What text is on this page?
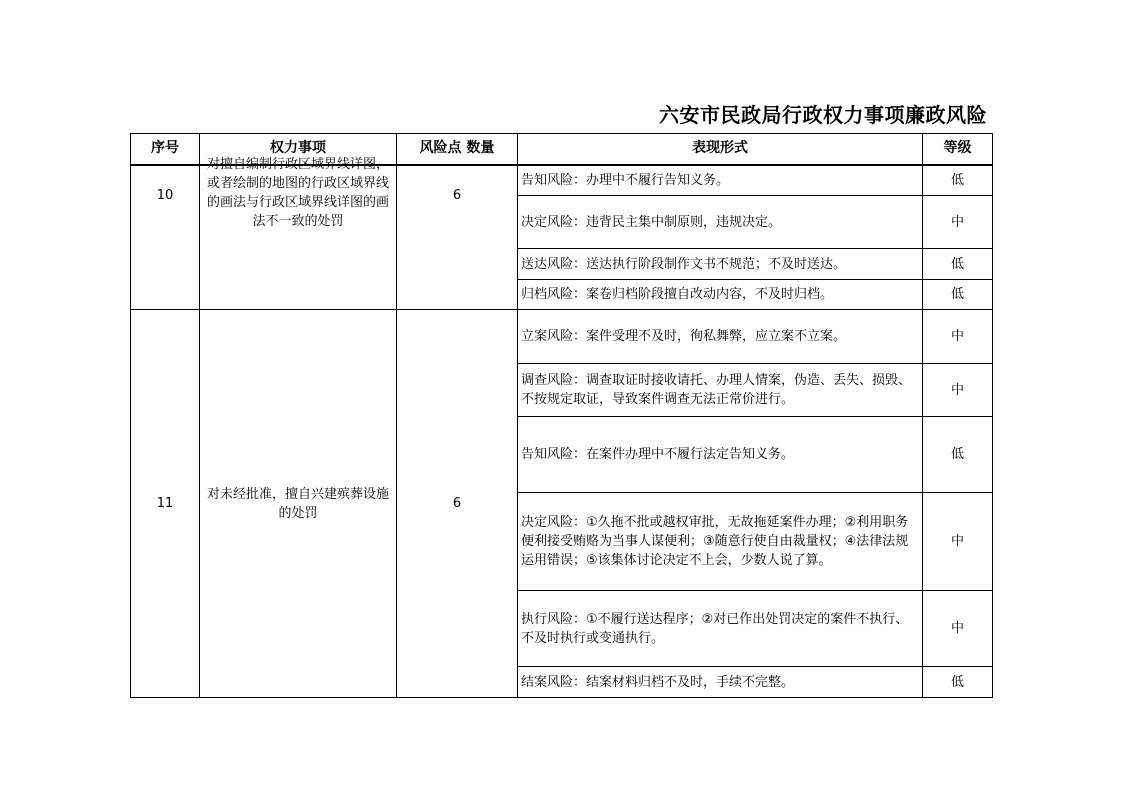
六安市民政局行政权力事项廉政风险
序号	权力事项	风险点 数量	表现形式	等级

10	对擅自编制行政区域界线详图，或者绘制的地图的行政区域界线的画法与行政区域界线详图的画法不一致的处罚	6	告知风险：办理中不履行告知义务。	低
			决定风险：违背民主集中制原则，违规决定。	中
			送达风险：送达执行阶段制作文书不规范；不及时送达。	低
			归档风险：案卷归档阶段擅自改动内容，不及时归档。	低
11	对未经批准，擅自兴建殡葬设施的处罚	6	立案风险：案件受理不及时，徇私舞弊，应立案不立案。	中
			调查风险：调查取证时接收请托、办理人情案，伪造、丢失、损毁、不按规定取证，导致案件调查无法正常价进行。	中
			告知风险：在案件办理中不履行法定告知义务。	低
			决定风险：①久拖不批或越权审批，无故拖延案件办理；②利用职务便利接受贿赂为当事人谋便利；③随意行使自由裁量权；④法律法规运用错误；⑤该集体讨论决定不上会，少数人说了算。	中
			执行风险：①不履行送达程序；②对已作出处罚决定的案件不执行、不及时执行或变通执行。	中
			结案风险：结案材料归档不及时，手续不完整。	低
